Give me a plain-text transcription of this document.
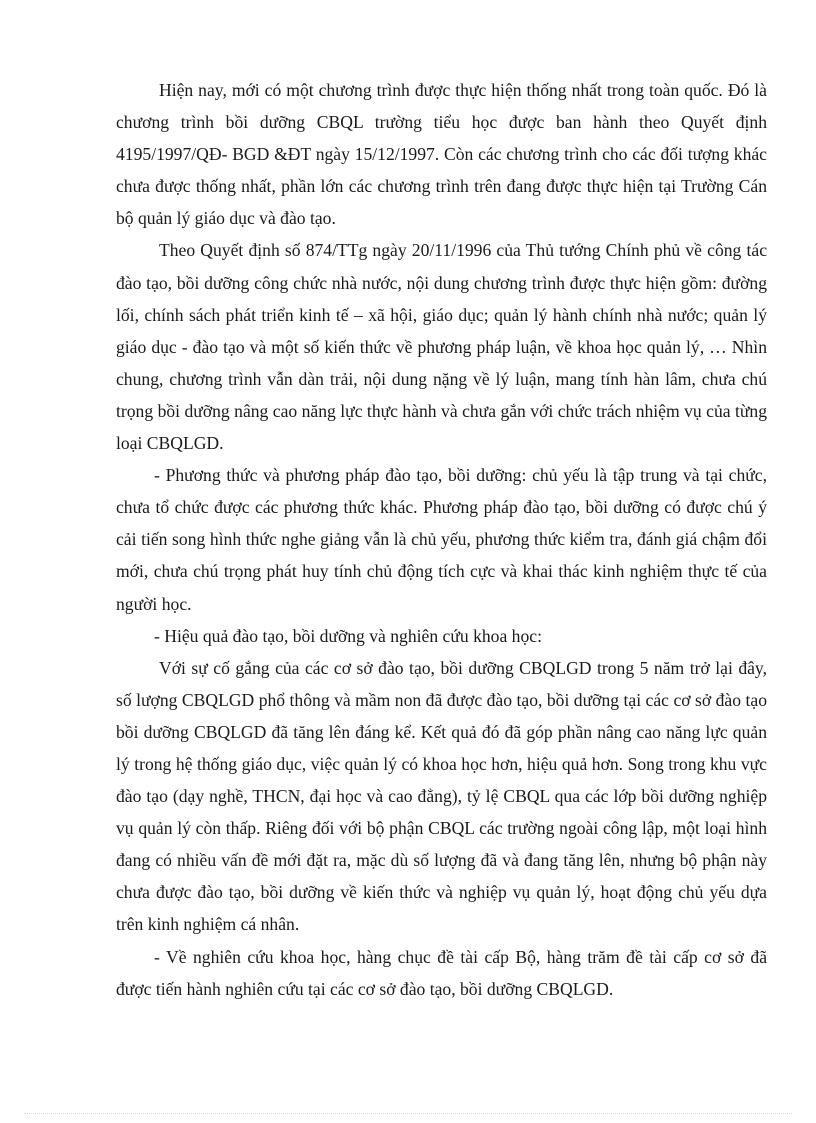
Hiện nay, mới có một chương trình được thực hiện thống nhất trong toàn quốc. Đó là chương trình bồi dưỡng CBQL trường tiểu học được ban hành theo Quyết định 4195/1997/QĐ- BGD &ĐT ngày 15/12/1997. Còn các chương trình cho các đối tượng khác chưa được thống nhất, phần lớn các chương trình trên đang được thực hiện tại Trường Cán bộ quản lý giáo dục và đào tạo.

Theo Quyết định số 874/TTg ngày 20/11/1996 của Thủ tướng Chính phủ về công tác đào tạo, bồi dưỡng công chức nhà nước, nội dung chương trình được thực hiện gồm: đường lối, chính sách phát triển kinh tế – xã hội, giáo dục; quản lý hành chính nhà nước; quản lý giáo dục - đào tạo và một số kiến thức về phương pháp luận, về khoa học quản lý, … Nhìn chung, chương trình vẫn dàn trải, nội dung nặng về lý luận, mang tính hàn lâm, chưa chú trọng bồi dưỡng nâng cao năng lực thực hành và chưa gắn với chức trách nhiệm vụ của từng loại CBQLGD.

- Phương thức và phương pháp đào tạo, bồi dưỡng: chủ yếu là tập trung và tại chức, chưa tổ chức được các phương thức khác. Phương pháp đào tạo, bồi dưỡng có được chú ý cải tiến song hình thức nghe giảng vẫn là chủ yếu, phương thức kiểm tra, đánh giá chậm đổi mới, chưa chú trọng phát huy tính chủ động tích cực và khai thác kinh nghiệm thực tế của người học.

- Hiệu quả đào tạo, bồi dưỡng và nghiên cứu khoa học:

Với sự cố gắng của các cơ sở đào tạo, bồi dưỡng CBQLGD trong 5 năm trở lại đây, số lượng CBQLGD phổ thông và mầm non đã được đào tạo, bồi dưỡng tại các cơ sở đào tạo bồi dưỡng CBQLGD đã tăng lên đáng kể. Kết quả đó đã góp phần nâng cao năng lực quản lý trong hệ thống giáo dục, việc quản lý có khoa học hơn, hiệu quả hơn. Song trong khu vực đào tạo (dạy nghề, THCN, đại học và cao đẳng), tỷ lệ CBQL qua các lớp bồi dưỡng nghiệp vụ quản lý còn thấp. Riêng đối với bộ phận CBQL các trường ngoài công lập, một loại hình đang có nhiều vấn đề mới đặt ra, mặc dù số lượng đã và đang tăng lên, nhưng bộ phận này chưa được đào tạo, bồi dưỡng về kiến thức và nghiệp vụ quản lý, hoạt động chủ yếu dựa trên kinh nghiệm cá nhân.

- Về nghiên cứu khoa học, hàng chục đề tài cấp Bộ, hàng trăm đề tài cấp cơ sở đã được tiến hành nghiên cứu tại các cơ sở đào tạo, bồi dưỡng CBQLGD.
